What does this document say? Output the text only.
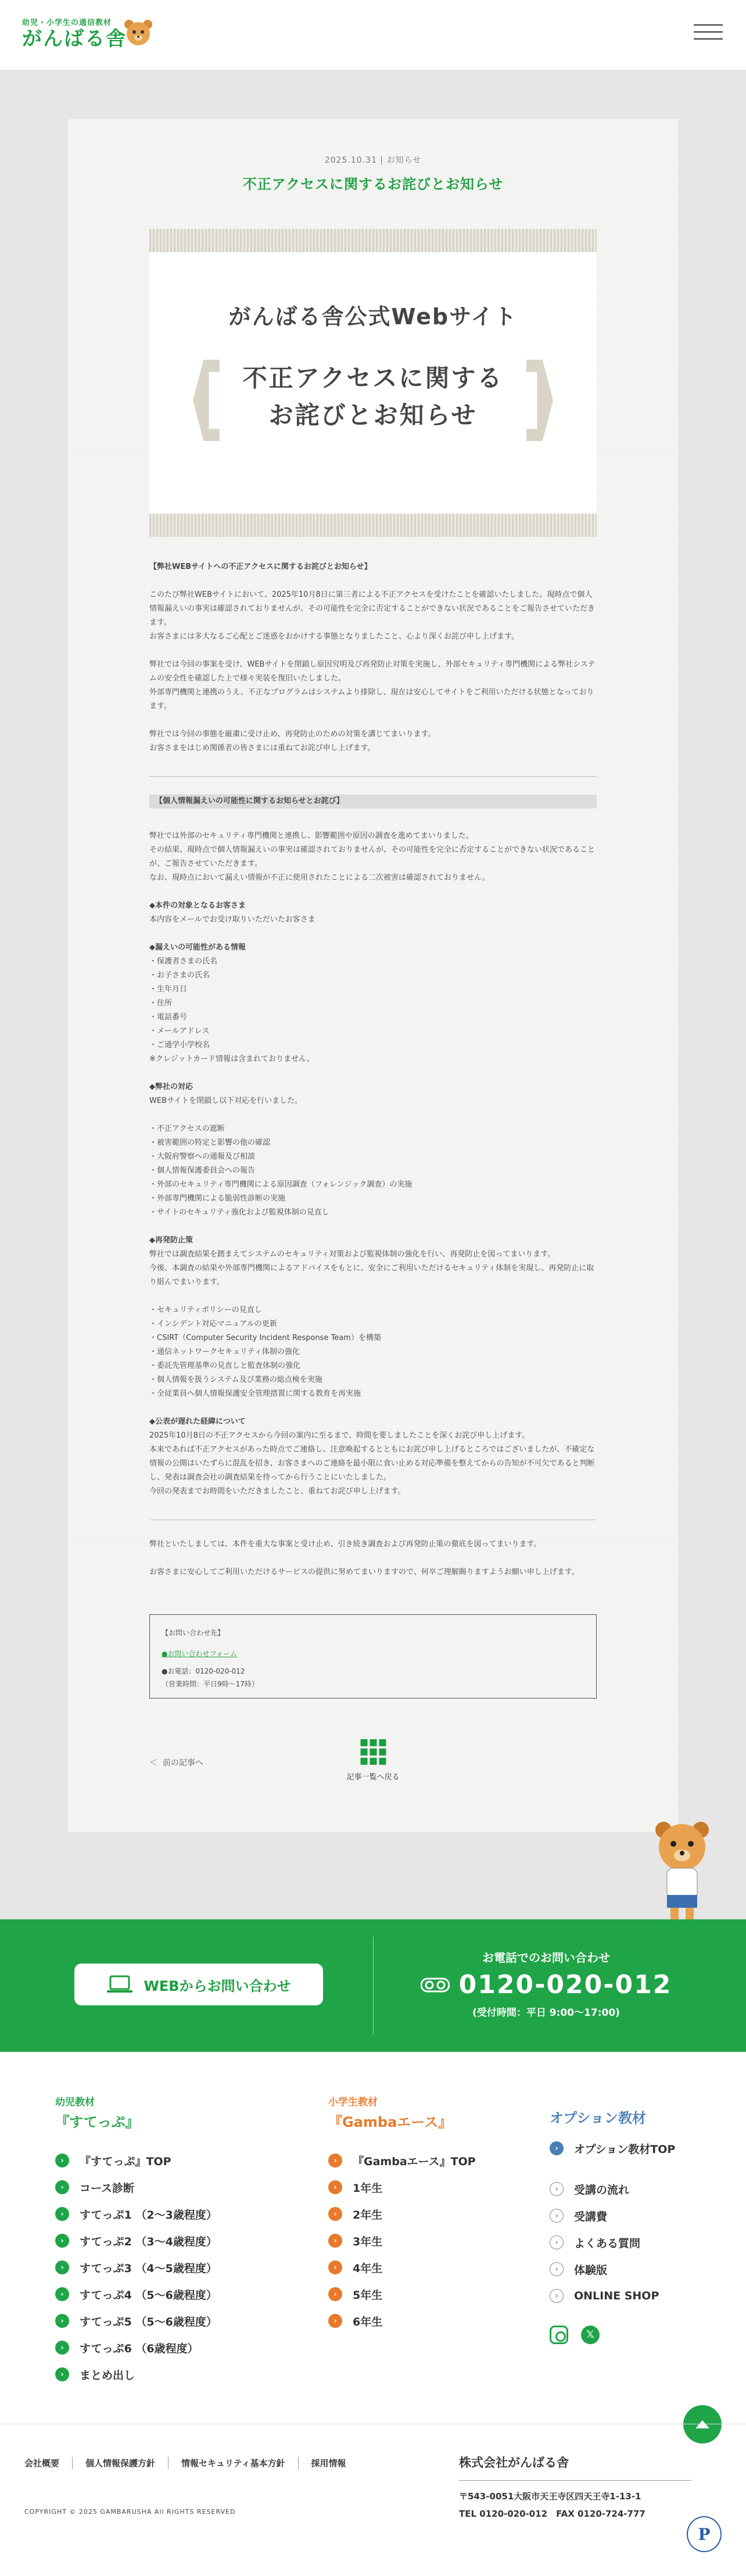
幼児・小学生の通信教材
がんばる舎
2025.10.31 | お知らせ
不正アクセスに関するお詫びとお知らせ
がんばる舎公式Webサイト
不正アクセスに関する
お詫びとお知らせ
【弊社WEBサイトへの不正アクセスに関するお詫びとお知らせ】

このたび弊社WEBサイトにおいて、2025年10月8日に第三者による不正アクセスを受けたことを確認いたしました。現時点で個人情報漏えいの事実は確認されておりませんが、その可能性を完全に否定することができない状況であることをご報告させていただきます。

お客さまには多大なるご心配とご迷惑をおかけする事態となりましたこと、心より深くお詫び申し上げます。

弊社では今回の事案を受け、WEBサイトを閉鎖し原因究明及び再発防止対策を実施し、外部セキュリティ専門機関による弊社システムの安全性を確認した上で様々実装を復旧いたしました。

外部専門機関と連携のうえ、不正なプログラムはシステムより排除し、現在は安心してサイトをご利用いただける状態となっております。

弊社では今回の事態を厳粛に受け止め、再発防止のための対策を講じてまいります。

お客さまをはじめ関係者の皆さまには重ねてお詫び申し上げます。

【個人情報漏えいの可能性に関するお知らせとお詫び】

弊社では外部のセキュリティ専門機関と連携し、影響範囲や原因の調査を進めてまいりました。

その結果、現時点で個人情報漏えいの事実は確認されておりませんが、その可能性を完全に否定することができない状況であることが、ご報告させていただきます。

なお、現時点において漏えい情報が不正に使用されたことによる二次被害は確認されておりません。

◆本件の対象となるお客さま

本内容をメールでお受け取りいただいたお客さま

◆漏えいの可能性がある情報

・保護者さまの氏名
・お子さまの氏名
・生年月日
・住所
・電話番号
・メールアドレス
・ご通学小学校名
※クレジットカード情報は含まれておりません。

◆弊社の対応

WEBサイトを閉鎖し以下対応を行いました。

・不正アクセスの遮断
・被害範囲の特定と影響の他の確認
・大阪府警察への通報及び相談
・個人情報保護委員会への報告
・外部のセキュリティ専門機関による原因調査（フォレンジック調査）の実施
・外部専門機関による脆弱性診断の実施
・サイトのセキュリティ強化および監視体制の見直し

◆再発防止策

弊社では調査結果を踏まえてシステムのセキュリティ対策および監視体制の強化を行い、再発防止を図ってまいります。

今後、本調査の結果や外部専門機関によるアドバイスをもとに、安全にご利用いただけるセキュリティ体制を実現し、再発防止に取り組んでまいります。

・セキュリティポリシーの見直し
・インシデント対応マニュアルの更新
・CSIRT（Computer Security Incident Response Team）を構築
・通信ネットワークセキュリティ体制の強化
・委託先管理基準の見直しと監査体制の強化
・個人情報を扱うシステム及び業務の総点検を実施
・全従業員へ個人情報保護安全管理措置に関する教育を再実施

◆公表が遅れた経緯について

2025年10月8日の不正アクセスから今回の案内に至るまで、時間を要しましたことを深くお詫び申し上げます。

本来であれば不正アクセスがあった時点でご連絡し、注意喚起するとともにお詫び申し上げるところではございましたが、不確定な情報の公開はいたずらに混乱を招き、お客さまへのご連絡を最小限に食い止める対応準備を整えてからの告知が不可欠であると判断し、発表は調査会社の調査結果を待ってから行うことにいたしました。

今回の発表までお時間をいただきましたこと、重ねてお詫び申し上げます。

弊社といたしましては、本件を重大な事案と受け止め、引き続き調査および再発防止策の徹底を図ってまいります。

お客さまに安心してご利用いただけるサービスの提供に努めてまいりますので、何卒ご理解賜りますようお願い申し上げます。

【お問い合わせ先】
●お問い合わせフォーム
●お電話：0120-020-012
（営業時間：平日9時〜17時）
＜ 前の記事へ
記事一覧へ戻る
WEBからお問い合わせ
お電話でのお問い合わせ
0120-020-012
(受付時間：平日 9:00〜17:00)
幼児教材
『すてっぷ』
›	『すてっぷ』TOP
›	コース診断
›	すてっぷ1 （2〜3歳程度）
›	すてっぷ2 （3〜4歳程度）
›	すてっぷ3 （4〜5歳程度）
›	すてっぷ4 （5〜6歳程度）
›	すてっぷ5 （5〜6歳程度）
›	すてっぷ6 （6歳程度）
›	まとめ出し
小学生教材
『Gambaエース』
›	『Gambaエース』TOP
›	1年生
›	2年生
›	3年生
›	4年生
›	5年生
›	6年生
オプション教材
›	オプション教材TOP
›	受講の流れ
›	受講費
›	よくある質問
›	体験版
›	ONLINE SHOP
𝕏
会社概要	個人情報保護方針	情報セキュリティ基本方針	採用情報
COPYRIGHT © 2025 GAMBARUSHA All RIGHTS RESERVED
株式会社がんばる舎
〒543-0051大阪市天王寺区四天王寺1-13-1
TEL 0120-020-012　FAX 0120-724-777
P
